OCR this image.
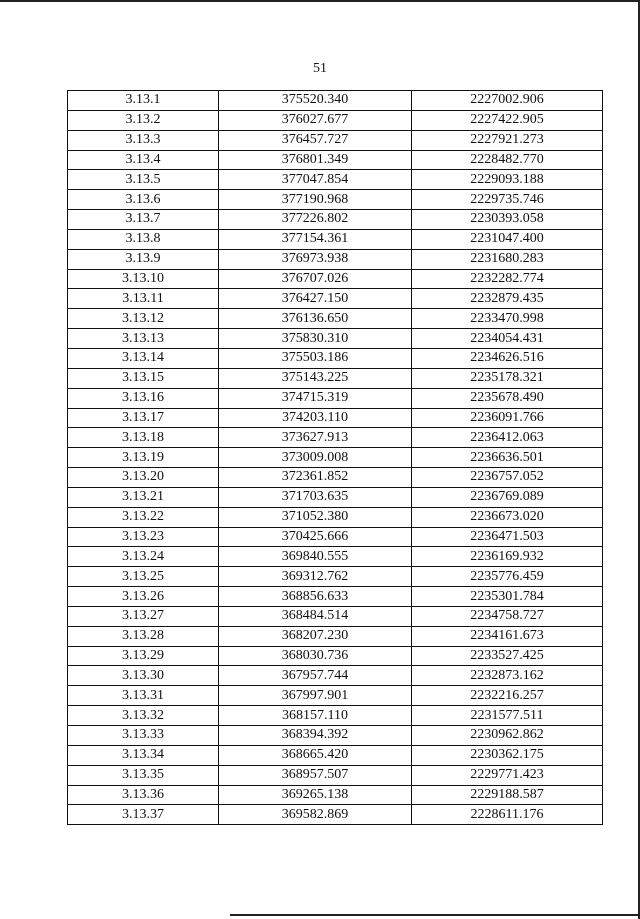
51
3.13.1	375520.340	2227002.906
3.13.2	376027.677	2227422.905
3.13.3	376457.727	2227921.273
3.13.4	376801.349	2228482.770
3.13.5	377047.854	2229093.188
3.13.6	377190.968	2229735.746
3.13.7	377226.802	2230393.058
3.13.8	377154.361	2231047.400
3.13.9	376973.938	2231680.283
3.13.10	376707.026	2232282.774
3.13.11	376427.150	2232879.435
3.13.12	376136.650	2233470.998
3.13.13	375830.310	2234054.431
3.13.14	375503.186	2234626.516
3.13.15	375143.225	2235178.321
3.13.16	374715.319	2235678.490
3.13.17	374203.110	2236091.766
3.13.18	373627.913	2236412.063
3.13.19	373009.008	2236636.501
3.13.20	372361.852	2236757.052
3.13.21	371703.635	2236769.089
3.13.22	371052.380	2236673.020
3.13.23	370425.666	2236471.503
3.13.24	369840.555	2236169.932
3.13.25	369312.762	2235776.459
3.13.26	368856.633	2235301.784
3.13.27	368484.514	2234758.727
3.13.28	368207.230	2234161.673
3.13.29	368030.736	2233527.425
3.13.30	367957.744	2232873.162
3.13.31	367997.901	2232216.257
3.13.32	368157.110	2231577.511
3.13.33	368394.392	2230962.862
3.13.34	368665.420	2230362.175
3.13.35	368957.507	2229771.423
3.13.36	369265.138	2229188.587
3.13.37	369582.869	2228611.176
